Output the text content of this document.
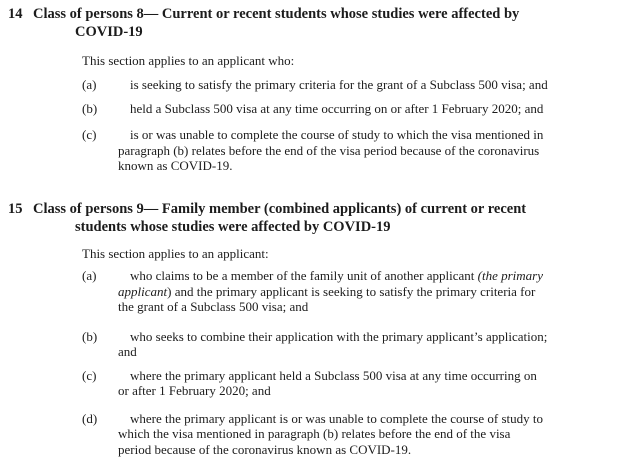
14 Class of persons 8— Current or recent students whose studies were affected by
COVID-19
This section applies to an applicant who:
(a)	is seeking to satisfy the primary criteria for the grant of a Subclass 500 visa; and
(b)	held a Subclass 500 visa at any time occurring on or after 1 February 2020; and
(c)	is or was unable to complete the course of study to which the visa mentioned in
paragraph (b) relates before the end of the visa period because of the coronavirus
known as COVID-19.
15 Class of persons 9— Family member (combined applicants) of current or recent
students whose studies were affected by COVID-19
This section applies to an applicant:
(a)	who claims to be a member of the family unit of another applicant (the primary
applicant) and the primary applicant is seeking to satisfy the primary criteria for
the grant of a Subclass 500 visa; and
(b)	who seeks to combine their application with the primary applicant’s application;
and
(c)	where the primary applicant held a Subclass 500 visa at any time occurring on
or after 1 February 2020; and
(d)	where the primary applicant is or was unable to complete the course of study to
which the visa mentioned in paragraph (b) relates before the end of the visa
period because of the coronavirus known as COVID-19.
